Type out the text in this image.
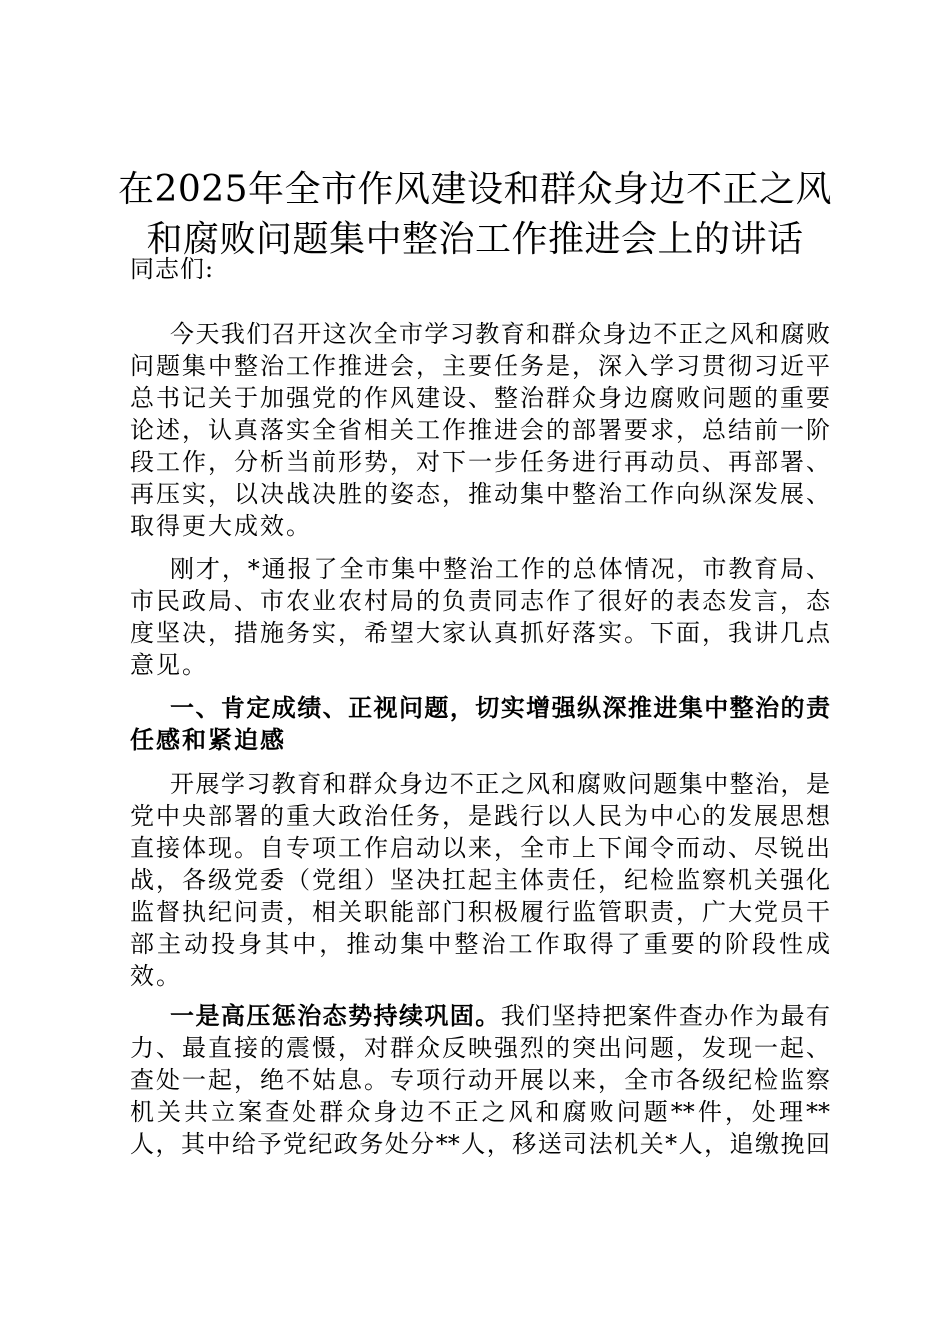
在2025年全市作风建设和群众身边不正之风
和腐败问题集中整治工作推进会上的讲话
同志们:
今天我们召开这次全市学习教育和群众身边不正之风和腐败
问题集中整治工作推进会，主要任务是，深入学习贯彻习近平
总书记关于加强党的作风建设、整治群众身边腐败问题的重要
论述，认真落实全省相关工作推进会的部署要求，总结前一阶
段工作，分析当前形势，对下一步任务进行再动员、再部署、
再压实，以决战决胜的姿态，推动集中整治工作向纵深发展、
取得更大成效。
刚才，*通报了全市集中整治工作的总体情况，市教育局、
市民政局、市农业农村局的负责同志作了很好的表态发言，态
度坚决，措施务实，希望大家认真抓好落实。下面，我讲几点
意见。
一、肯定成绩、正视问题，切实增强纵深推进集中整治的责
任感和紧迫感
开展学习教育和群众身边不正之风和腐败问题集中整治，是
党中央部署的重大政治任务，是践行以人民为中心的发展思想
直接体现。自专项工作启动以来，全市上下闻令而动、尽锐出
战，各级党委（党组）坚决扛起主体责任，纪检监察机关强化
监督执纪问责，相关职能部门积极履行监管职责，广大党员干
部主动投身其中，推动集中整治工作取得了重要的阶段性成
效。
一是高压惩治态势持续巩固。我们坚持把案件查办作为最有
力、最直接的震慑，对群众反映强烈的突出问题，发现一起、
查处一起，绝不姑息。专项行动开展以来，全市各级纪检监察
机关共立案查处群众身边不正之风和腐败问题**件，处理**
人，其中给予党纪政务处分**人，移送司法机关*人，追缴挽回
